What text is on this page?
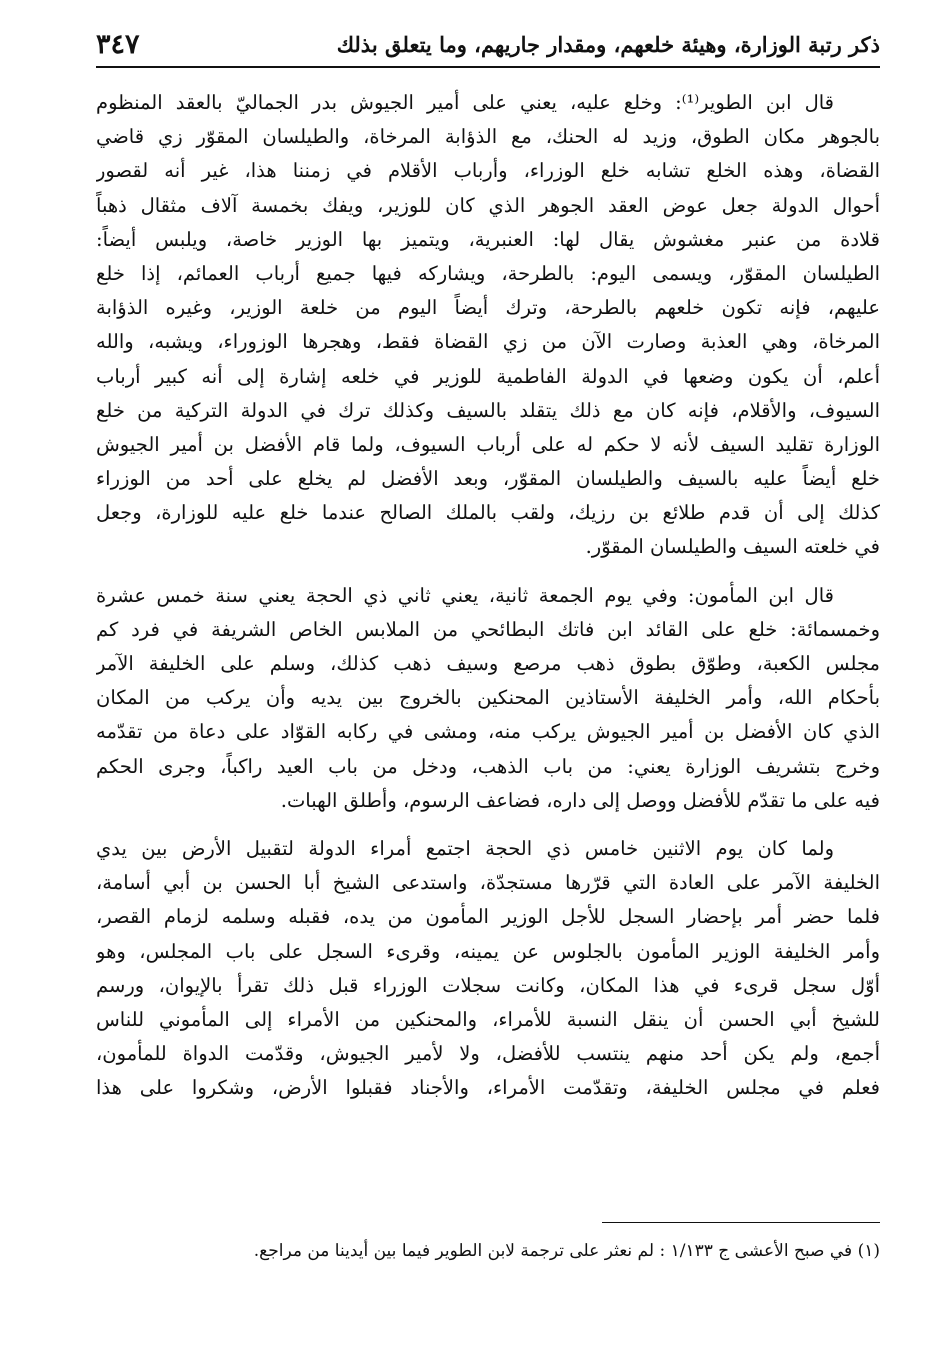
ذكر رتبة الوزارة، وهيئة خلعهم، ومقدار جاريهم، وما يتعلق بذلك
٣٤٧
قال ابن الطوير⁽¹⁾: وخلع عليه، يعني على أمير الجيوش بدر الجماليّ بالعقد المنظوم
بالجوهر مكان الطوق، وزيد له الحنك، مع الذؤابة المرخاة، والطيلسان المقوّر زي قاضي
القضاة، وهذه الخلع تشابه خلع الوزراء، وأرباب الأقلام في زمننا هذا، غير أنه لقصور
أحوال الدولة جعل عوض العقد الجوهر الذي كان للوزير، ويفك بخمسة آلاف مثقال ذهباً
قلادة من عنبر مغشوش يقال لها: العنبرية، ويتميز بها الوزير خاصة، ويلبس أيضاً:
الطيلسان المقوّر، ويسمى اليوم: بالطرحة، ويشاركه فيها جميع أرباب العمائم، إذا خلع
عليهم، فإنه تكون خلعهم بالطرحة، وترك أيضاً اليوم من خلعة الوزير، وغيره الذؤابة
المرخاة، وهي العذبة وصارت الآن من زي القضاة فقط، وهجرها الوزوراء، ويشبه، والله
أعلم، أن يكون وضعها في الدولة الفاطمية للوزير في خلعه إشارة إلى أنه كبير أرباب
السيوف، والأقلام، فإنه كان مع ذلك يتقلد بالسيف وكذلك ترك في الدولة التركية من خلع
الوزارة تقليد السيف لأنه لا حكم له على أرباب السيوف، ولما قام الأفضل بن أمير الجيوش
خلع أيضاً عليه بالسيف والطيلسان المقوّر، وبعد الأفضل لم يخلع على أحد من الوزراء
كذلك إلى أن قدم طلائع بن رزيك، ولقب بالملك الصالح عندما خلع عليه للوزارة، وجعل
في خلعته السيف والطيلسان المقوّر.
قال ابن المأمون: وفي يوم الجمعة ثانية، يعني ثاني ذي الحجة يعني سنة خمس عشرة
وخمسمائة: خلع على القائد ابن فاتك البطائحي من الملابس الخاص الشريفة في فرد كم
مجلس الكعبة، وطوّق بطوق ذهب مرصع وسيف ذهب كذلك، وسلم على الخليفة الآمر
بأحكام الله، وأمر الخليفة الأستاذين المحنكين بالخروج بين يديه وأن يركب من المكان
الذي كان الأفضل بن أمير الجيوش يركب منه، ومشى في ركابه القوّاد على دعاة من تقدّمه
وخرج بتشريف الوزارة يعني: من باب الذهب، ودخل من باب العيد راكباً، وجرى الحكم
فيه على ما تقدّم للأفضل ووصل إلى داره، فضاعف الرسوم، وأطلق الهبات.
ولما كان يوم الاثنين خامس ذي الحجة اجتمع أمراء الدولة لتقبيل الأرض بين يدي
الخليفة الآمر على العادة التي قرّرها مستجدّة، واستدعى الشيخ أبا الحسن بن أبي أسامة،
فلما حضر أمر بإحضار السجل للأجل الوزير المأمون من يده، فقبله وسلمه لزمام القصر،
وأمر الخليفة الوزير المأمون بالجلوس عن يمينه، وقرىء السجل على باب المجلس، وهو
أوّل سجل قرىء في هذا المكان، وكانت سجلات الوزراء قبل ذلك تقرأ بالإيوان، ورسم
للشيخ أبي الحسن أن ينقل النسبة للأمراء، والمحنكين من الأمراء إلى المأموني للناس
أجمع، ولم يكن أحد منهم ينتسب للأفضل، ولا لأمير الجيوش، وقدّمت الدواة للمأمون،
فعلم في مجلس الخليفة، وتقدّمت الأمراء، والأجناد فقبلوا الأرض، وشكروا على هذا
(١) في صبح الأعشى ج ١/١٣٣ : لم نعثر على ترجمة لابن الطوير فيما بين أيدينا من مراجع.
